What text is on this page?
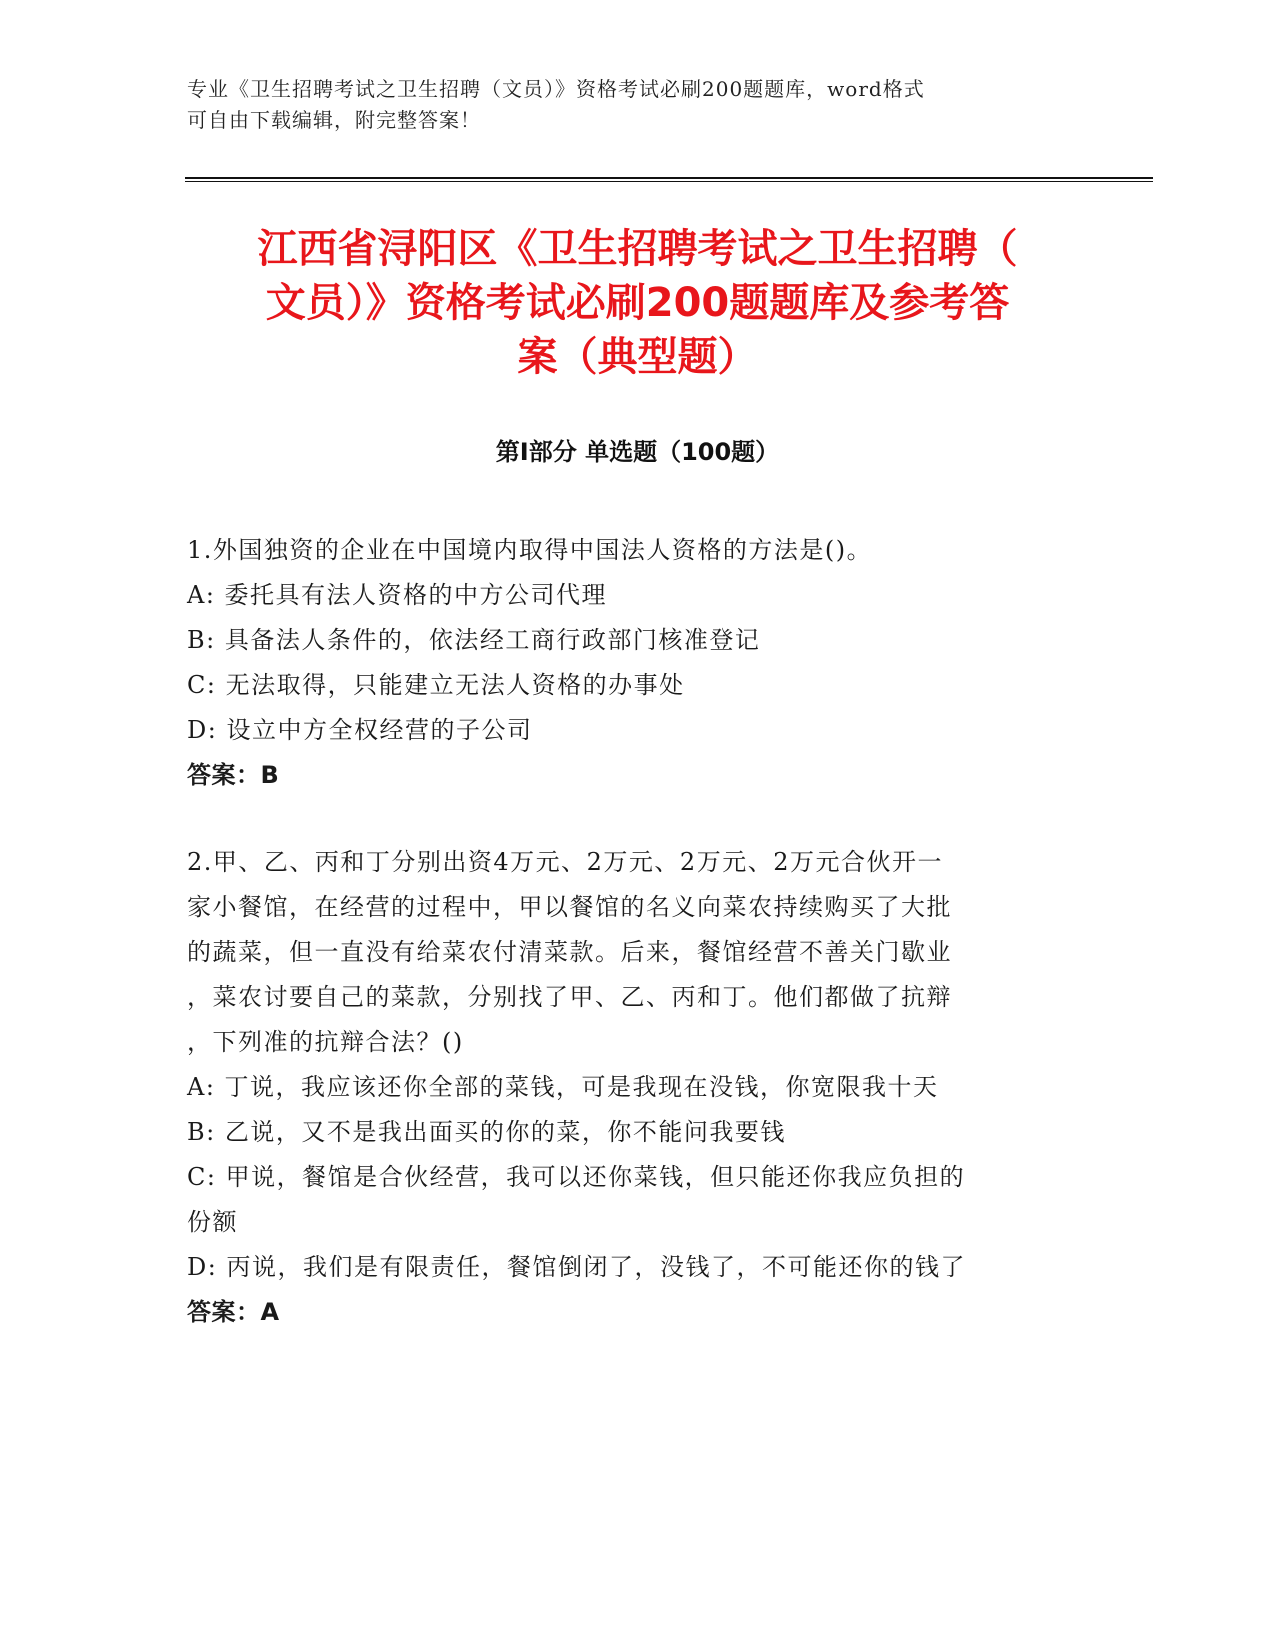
专业《卫生招聘考试之卫生招聘（文员）》资格考试必刷200题题库，word格式
可自由下载编辑，附完整答案！
江西省浔阳区《卫生招聘考试之卫生招聘（
文员）》资格考试必刷200题题库及参考答
案（典型题）
第Ⅰ部分 单选题（100题）
1.外国独资的企业在中国境内取得中国法人资格的方法是()。
A: 委托具有法人资格的中方公司代理
B: 具备法人条件的，依法经工商行政部门核准登记
C: 无法取得，只能建立无法人资格的办事处
D: 设立中方全权经营的子公司
答案：B
2.甲、乙、丙和丁分别出资4万元、2万元、2万元、2万元合伙开一
家小餐馆，在经营的过程中，甲以餐馆的名义向菜农持续购买了大批
的蔬菜，但一直没有给菜农付清菜款。后来，餐馆经营不善关门歇业
，菜农讨要自己的菜款，分别找了甲、乙、丙和丁。他们都做了抗辩
，下列准的抗辩合法？()
A: 丁说，我应该还你全部的菜钱，可是我现在没钱，你宽限我十天
B: 乙说，又不是我出面买的你的菜，你不能问我要钱
C: 甲说，餐馆是合伙经营，我可以还你菜钱，但只能还你我应负担的
份额
D: 丙说，我们是有限责任，餐馆倒闭了，没钱了，不可能还你的钱了
答案：A
